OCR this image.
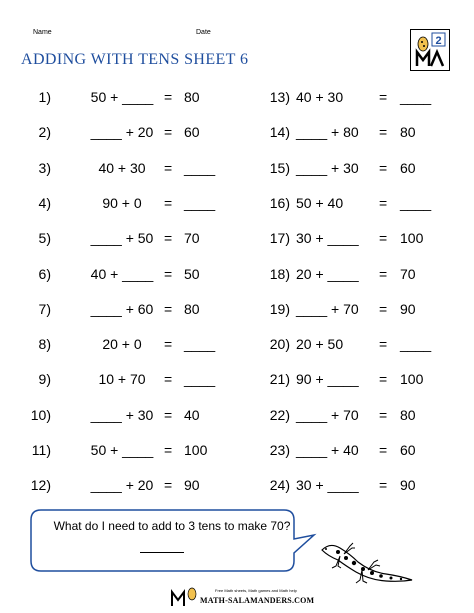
Name	Date
ADDING WITH TENS SHEET 6
2
1)	50 + ____ = 80
2)	____ + 20 = 60
3)	40 + 30	= ____
4)	90 + 0	= ____
5)	____ + 50 = 70
6)	40 + ____ = 50
7)	____ + 60 = 80
8)	20 + 0	= ____
9)	10 + 70	= ____
10)	____ + 30 = 40
11)	50 + ____ = 100
12)	____ + 20 = 90
13) 40 + 30	= ____
14) ____ + 80	= 80
15) ____ + 30	= 60
16) 50 + 40	= ____
17) 30 + ____	= 100
18) 20 + ____	= 70
19) ____ + 70	= 90
20) 20 + 50	= ____
21) 90 + ____	= 100
22) ____ + 70	= 80
23) ____ + 40	= 60
24) 30 + ____	= 90
What do I need to add to 3 tens to make 70?
Free Math sheets, Math games and Math help
MATH-SALAMANDERS.COM
